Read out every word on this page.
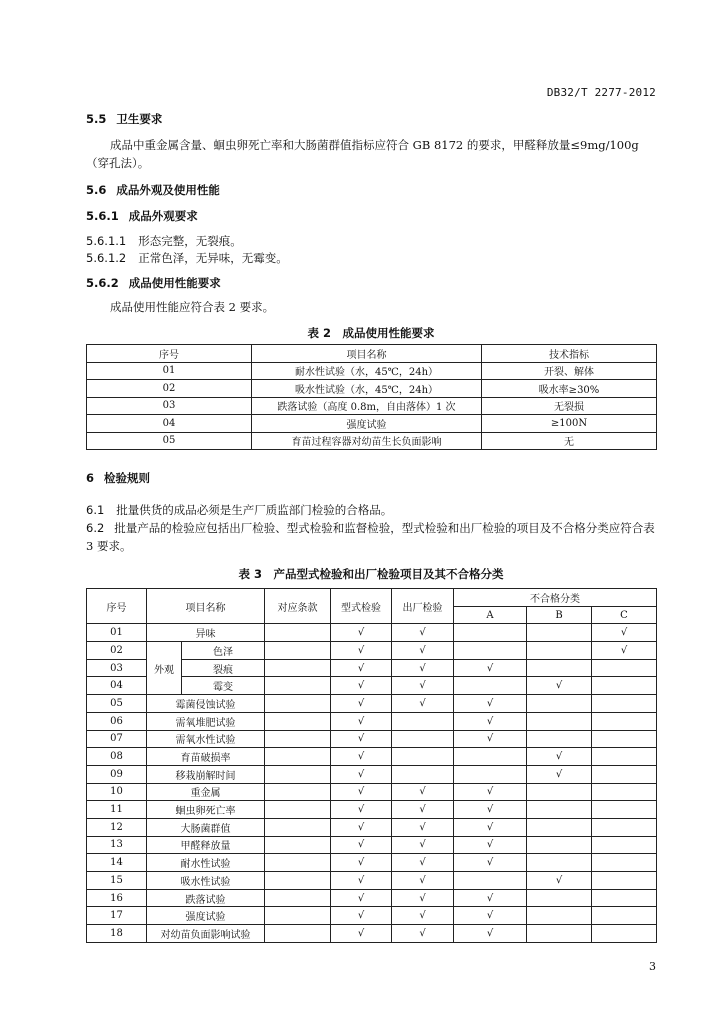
DB32/T 2277-2012
5.5 卫生要求
成品中重金属含量、蛔虫卵死亡率和大肠菌群值指标应符合 GB 8172 的要求，甲醛释放量≤9mg/100g（穿孔法）。
5.6 成品外观及使用性能
5.6.1 成品外观要求
5.6.1.1 形态完整，无裂痕。
5.6.1.2 正常色泽，无异味，无霉变。
5.6.2 成品使用性能要求
成品使用性能应符合表 2 要求。
表 2　成品使用性能要求
序号	项目名称	技术指标
01	耐水性试验（水，45℃，24h）	开裂、解体
02	吸水性试验（水，45℃，24h）	吸水率≥30%
03	跌落试验（高度 0.8m，自由落体）1 次	无裂损
04	强度试验	≥100N
05	育苗过程容器对幼苗生长负面影响	无
6 检验规则
6.1 批量供货的成品必须是生产厂质监部门检验的合格品。
6.2 批量产品的检验应包括出厂检验、型式检验和监督检验，型式检验和出厂检验的项目及不合格分类应符合表 3 要求。
表 3　产品型式检验和出厂检验项目及其不合格分类
序号	项目名称		对应条款	型式检验	出厂检验	不合格分类		
						A	B	C
01	异味			√	√			√
02	外观	色泽		√	√			√
03		裂痕		√	√	√		
04		霉变		√	√		√	
05	霉菌侵蚀试验			√	√	√		
06	需氧堆肥试验			√		√		
07	需氧水性试验			√		√		
08	育苗破损率			√			√	
09	移栽崩解时间			√			√	
10	重金属			√	√	√		
11	蛔虫卵死亡率			√	√	√		
12	大肠菌群值			√	√	√		
13	甲醛释放量			√	√	√		
14	耐水性试验			√	√	√		
15	吸水性试验			√	√		√	
16	跌落试验			√	√	√		
17	强度试验			√	√	√		
18	对幼苗负面影响试验			√	√	√		
3
